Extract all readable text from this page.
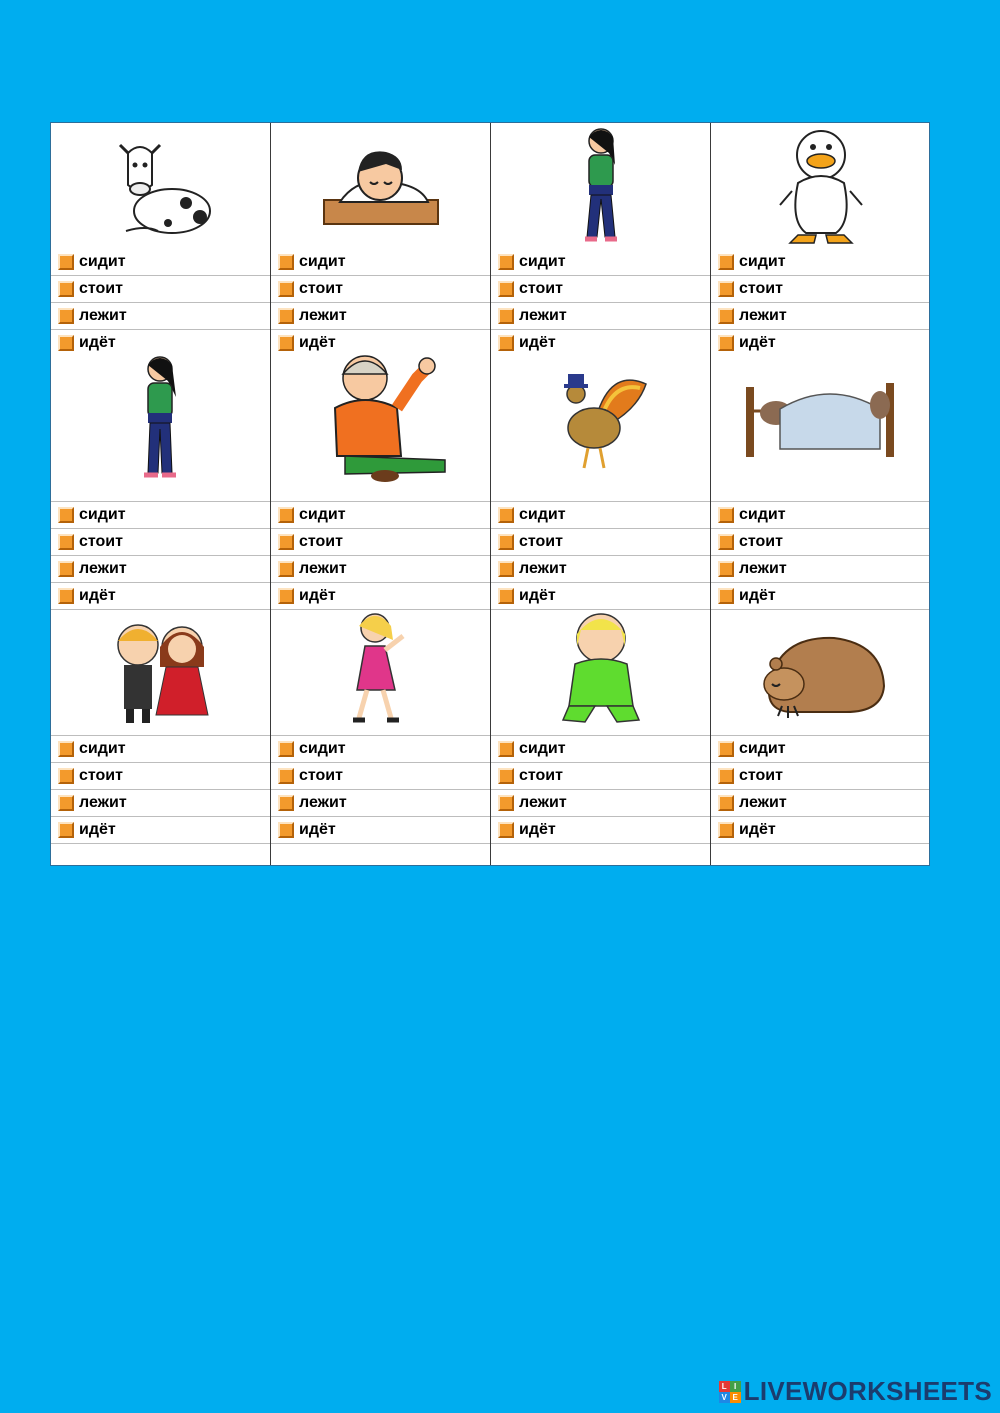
сидит
стоит
лежит
идёт
сидит
стоит
лежит
идёт
сидит
стоит
лежит
идёт
сидит
стоит
лежит
идёт
сидит
стоит
лежит
идёт
сидит
стоит
лежит
идёт
сидит
стоит
лежит
идёт
сидит
стоит
лежит
идёт
сидит
стоит
лежит
идёт
сидит
стоит
лежит
идёт
сидит
стоит
лежит
идёт
сидит
стоит
лежит
идёт
L I
V E LIVEWORKSHEETS
